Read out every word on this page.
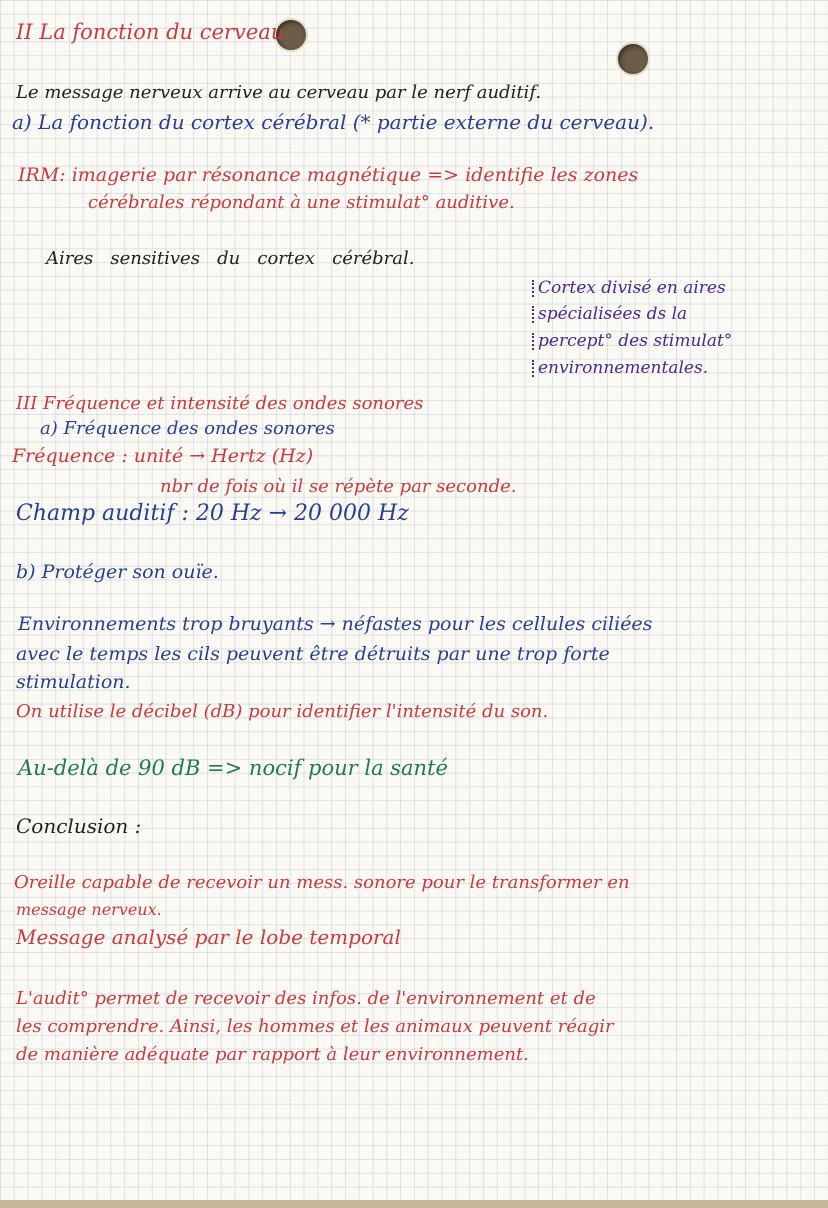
II La fonction du cerveau.
Le message nerveux arrive au cerveau par le nerf auditif.
a) La fonction du cortex cérébral (* partie externe du cerveau).
IRM: imagerie par résonance magnétique => identifie les zones
cérébrales répondant à une stimulat° auditive.
Aires   sensitives   du   cortex   cérébral.
Cortex divisé en aires
spécialisées ds la
percept° des stimulat°
environnementales.
III Fréquence et intensité des ondes sonores
a) Fréquence des ondes sonores
Fréquence : unité → Hertz (Hz)
nbr de fois où il se répète par seconde.
Champ auditif : 20 Hz → 20 000 Hz
b) Protéger son ouïe.
Environnements trop bruyants → néfastes pour les cellules ciliées
avec le temps les cils peuvent être détruits par une trop forte
stimulation.
On utilise le décibel (dB) pour identifier l'intensité du son.
Au-delà de 90 dB => nocif pour la santé
Conclusion :
Oreille capable de recevoir un mess. sonore pour le transformer en
message nerveux.
Message analysé par le lobe temporal
L'audit° permet de recevoir des infos. de l'environnement et de
les comprendre. Ainsi, les hommes et les animaux peuvent réagir
de manière adéquate par rapport à leur environnement.
